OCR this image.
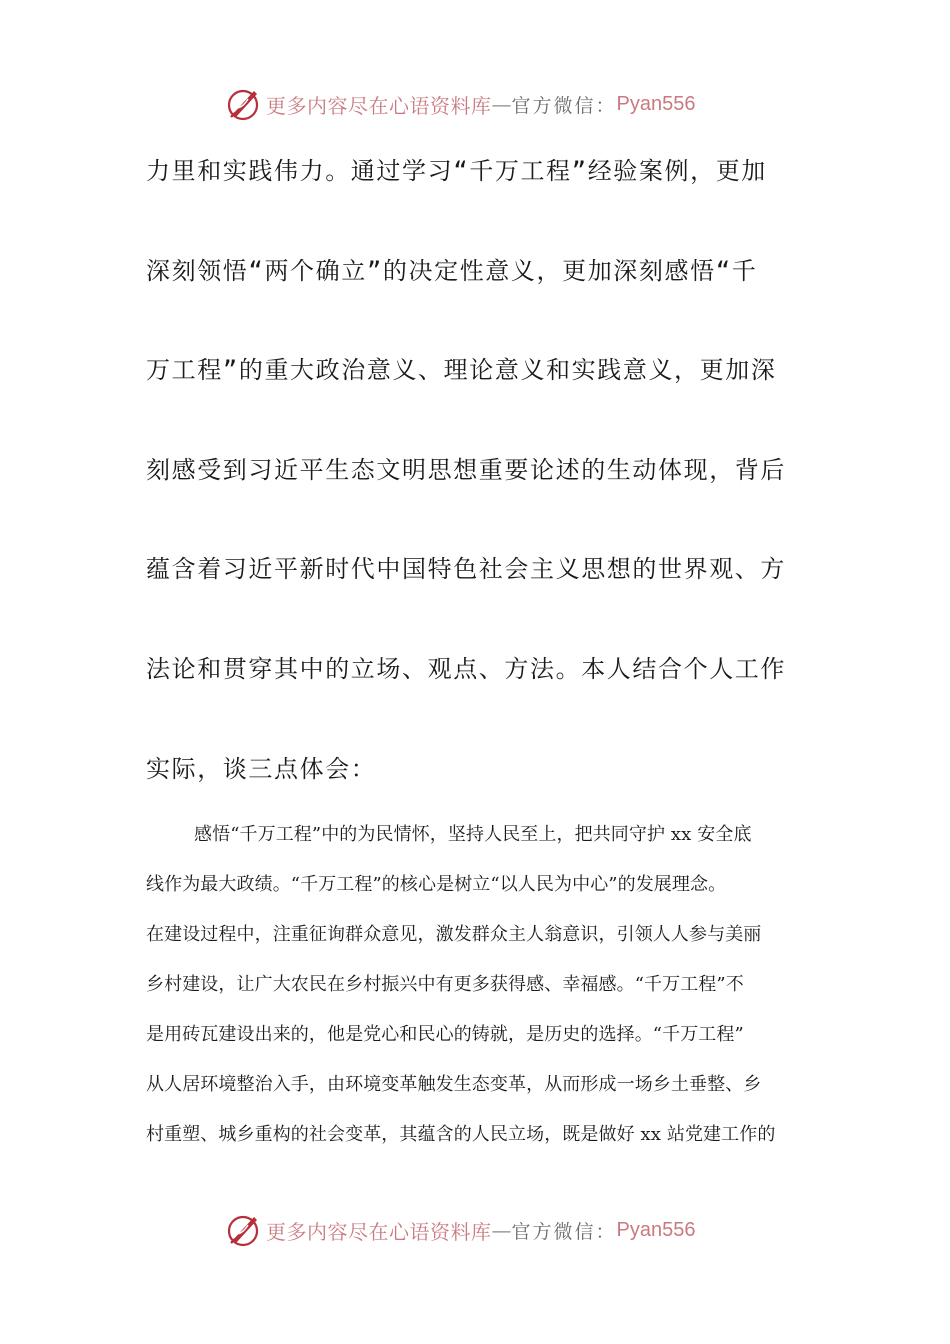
更多内容尽在心语资料库 — 官方微信： Pyan556

力里和实践伟力。通过学习“千万工程”经验案例，更加

深刻领悟“两个确立”的决定性意义，更加深刻感悟“千

万工程”的重大政治意义、理论意义和实践意义，更加深

刻感受到习近平生态文明思想重要论述的生动体现，背后

蕴含着习近平新时代中国特色社会主义思想的世界观、方

法论和贯穿其中的立场、观点、方法。本人结合个人工作

实际，谈三点体会：

感悟“千万工程”中的为民情怀，坚持人民至上，把共同守护 xx 安全底

线作为最大政绩。“千万工程”的核心是树立“以人民为中心”的发展理念。

在建设过程中，注重征询群众意见，激发群众主人翁意识，引领人人参与美丽

乡村建设，让广大农民在乡村振兴中有更多获得感、幸福感。“千万工程”不

是用砖瓦建设出来的，他是党心和民心的铸就，是历史的选择。“千万工程”

从人居环境整治入手，由环境变革触发生态变革，从而形成一场乡土垂整、乡

村重塑、城乡重构的社会变革，其蕴含的人民立场，既是做好 xx 站党建工作的

更多内容尽在心语资料库 — 官方微信： Pyan556
